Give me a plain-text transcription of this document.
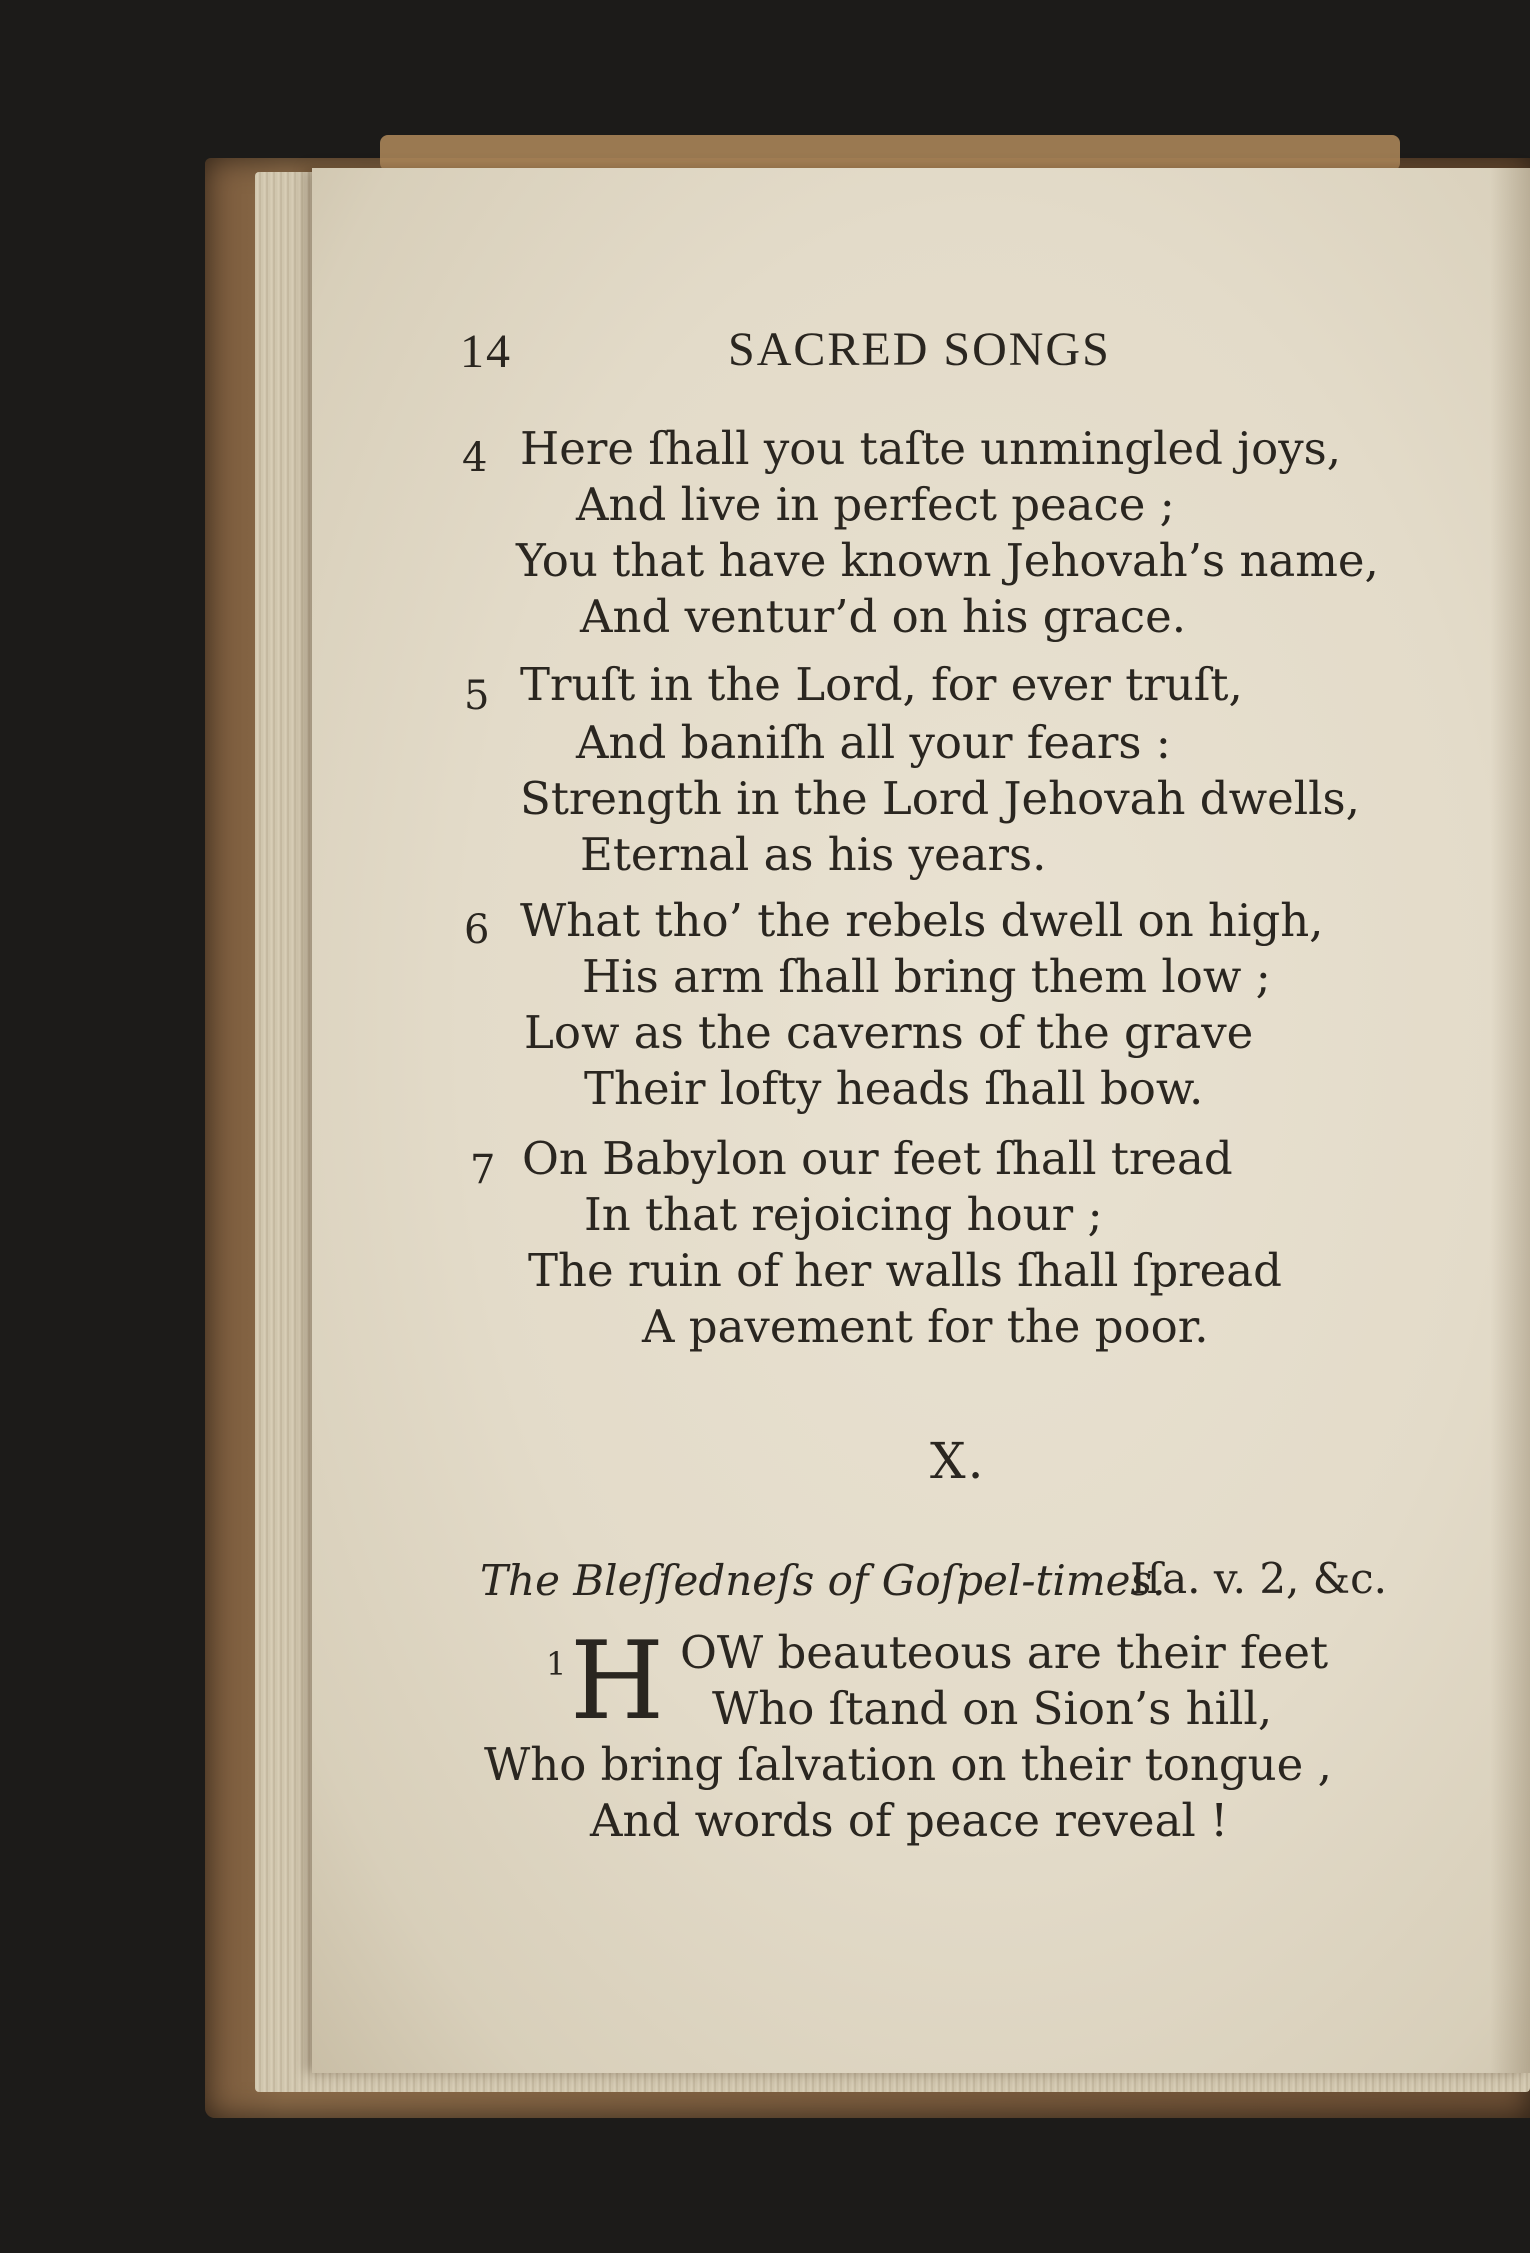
14	SACRED SONGS
4 Here ſhall you taſte unmingled joys,
And live in perfect peace ;
You that have known Jehovah’s name,
And ventur’d on his grace.
5 Truſt in the Lord, for ever truſt,
And baniſh all your fears :
Strength in the Lord Jehovah dwells,
Eternal as his years.
6 What tho’ the rebels dwell on high,
His arm ſhall bring them low ;
Low as the caverns of the grave
Their lofty heads ſhall bow.
7 On Babylon our feet ſhall tread
In that rejoicing hour ;
The ruin of her walls ſhall ſpread
A pavement for the poor.
X.
The Bleſſedneſs of Goſpel-times.
Iſa. v. 2, &c.
1 H OW beauteous are their feet
Who ſtand on Sion’s hill,
Who bring ſalvation on their tongue ,
And words of peace reveal !
